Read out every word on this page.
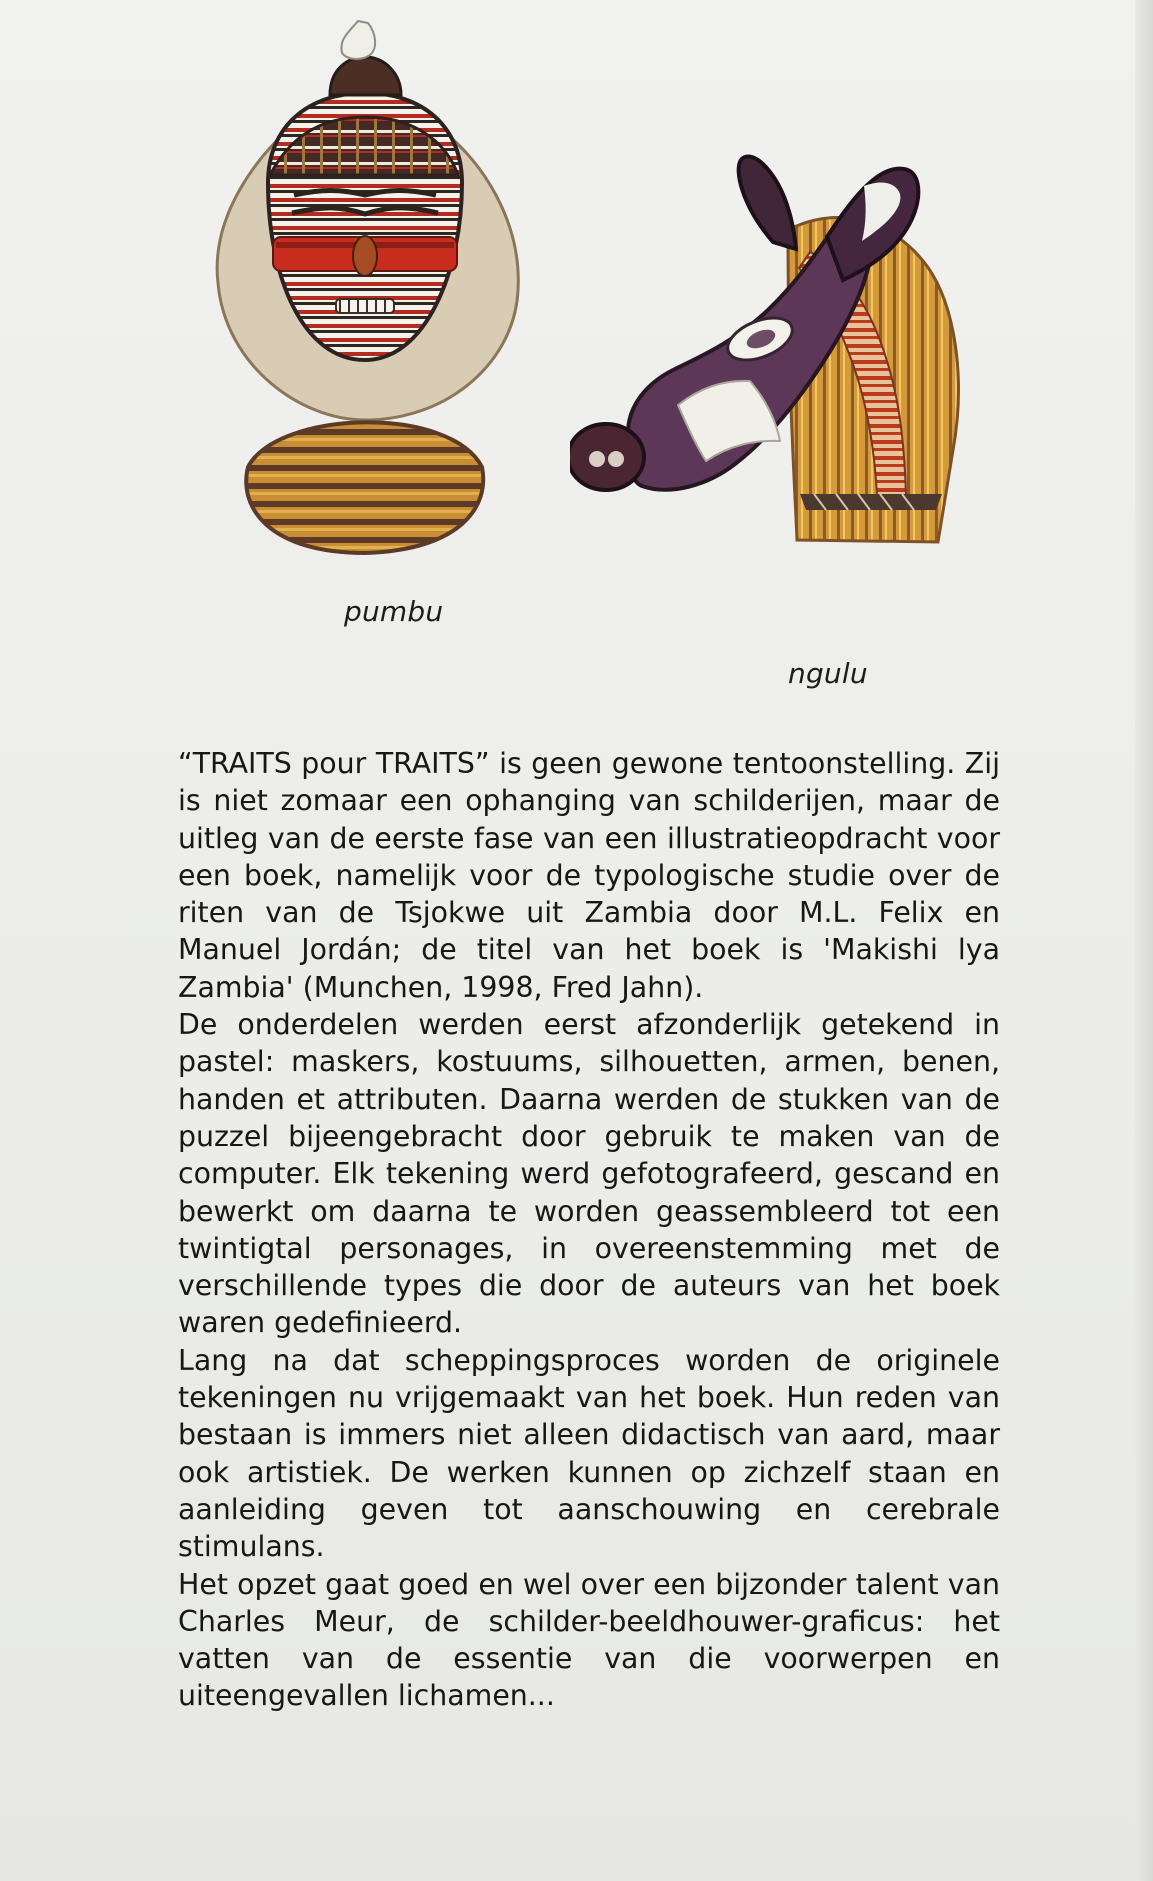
pumbu
ngulu

“TRAITS pour TRAITS” is geen gewone tentoonstelling. Zij is niet zomaar een ophanging van schilderijen, maar de uitleg van de eerste fase van een illustratieopdracht voor een boek, namelijk voor de typologische studie over de riten van de Tsjokwe uit Zambia door M.L. Felix en Manuel Jordán; de titel van het boek is 'Makishi lya Zambia' (Munchen, 1998, Fred Jahn).

De onderdelen werden eerst afzonderlijk getekend in pastel: maskers, kostuums, silhouetten, armen, benen, handen et attributen. Daarna werden de stukken van de puzzel bijeengebracht door gebruik te maken van de computer. Elk tekening werd gefotografeerd, gescand en bewerkt om daarna te worden geassembleerd tot een twintigtal personages, in overeenstemming met de verschillende types die door de auteurs van het boek waren gedefinieerd.

Lang na dat scheppingsproces worden de originele tekeningen nu vrijgemaakt van het boek. Hun reden van bestaan is immers niet alleen didactisch van aard, maar ook artistiek. De werken kunnen op zichzelf staan en aanleiding geven tot aanschouwing en cerebrale stimulans.

Het opzet gaat goed en wel over een bijzonder talent van Charles Meur, de schilder-beeldhouwer-graficus: het vatten van de essentie van die voorwerpen en uiteengevallen lichamen...
